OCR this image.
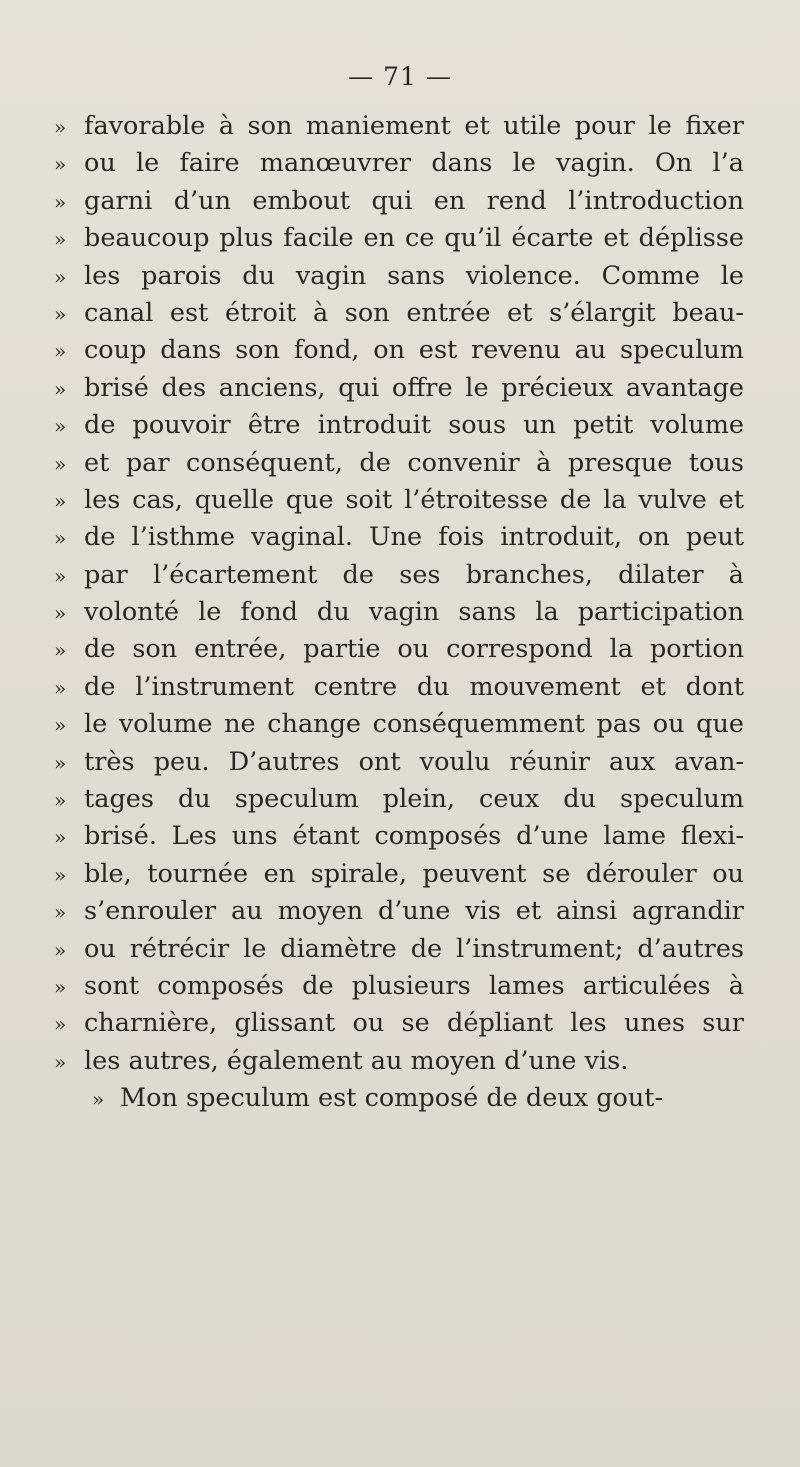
— 71 —
» favorable à son maniement et utile pour le fixer
» ou le faire manœuvrer dans le vagin. On l’a
» garni d’un embout qui en rend l’introduction
» beaucoup plus facile en ce qu’il écarte et déplisse
» les parois du vagin sans violence. Comme le
» canal est étroit à son entrée et s’élargit beau-
» coup dans son fond, on est revenu au speculum
» brisé des anciens, qui offre le précieux avantage
» de pouvoir être introduit sous un petit volume
» et par conséquent, de convenir à presque tous
» les cas, quelle que soit l’étroitesse de la vulve et
» de l’isthme vaginal. Une fois introduit, on peut
» par l’écartement de ses branches, dilater à
» volonté le fond du vagin sans la participation
» de son entrée, partie ou correspond la portion
» de l’instrument centre du mouvement et dont
» le volume ne change conséquemment pas ou que
» très peu. D’autres ont voulu réunir aux avan-
» tages du speculum plein, ceux du speculum
» brisé. Les uns étant composés d’une lame flexi-
» ble, tournée en spirale, peuvent se dérouler ou
» s’enrouler au moyen d’une vis et ainsi agrandir
» ou rétrécir le diamètre de l’instrument; d’autres
» sont composés de plusieurs lames articulées à
» charnière, glissant ou se dépliant les unes sur
» les autres, également au moyen d’une vis.
» Mon speculum est composé de deux gout-
